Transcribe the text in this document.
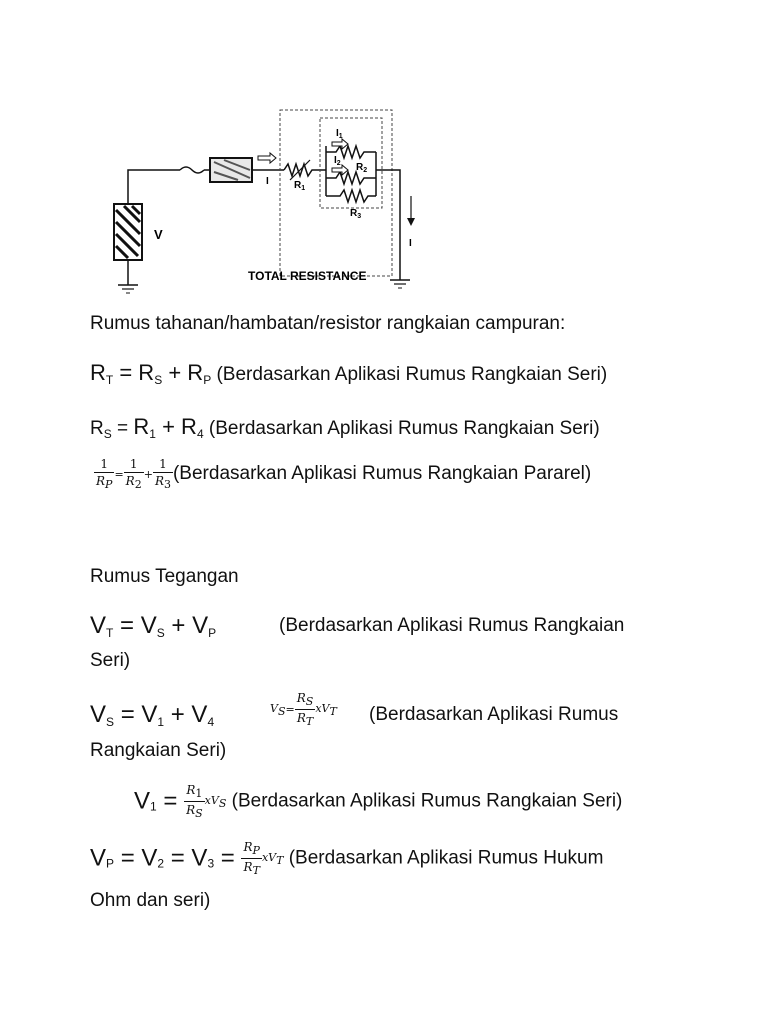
V
I	$R_1$
$I_1$
$I_2$ $R_2$
$R_3$
I
TOTAL RESISTANCE
Rumus tahanan/hambatan/resistor rangkaian campuran:
$R_T = R_S + R_P$ (Berdasarkan Aplikasi Rumus Rangkaian Seri)
$R_S = R_1 + R_4$ (Berdasarkan Aplikasi Rumus Rangkaian Seri)
$\frac{1}{RP} = \frac{1}{R2} + \frac{1}{R3}$ (Berdasarkan Aplikasi Rumus Rangkaian Pararel)
Rumus Tegangan
$V_T = V_S + V_P$	(Berdasarkan Aplikasi Rumus Rangkaian
Seri)
$V_S = V_1 + V_4$
$VS= \frac{RS}{RT}$ xVT (Berdasarkan Aplikasi Rumus
Rangkaian Seri)
$V_1 = \frac{R1}{RS}$ xVS (Berdasarkan Aplikasi Rumus Rangkaian Seri)
$V_P = V_2 = V_3 = \frac{RP}{RT}$ xVT (Berdasarkan Aplikasi Rumus Hukum
Ohm dan seri)
